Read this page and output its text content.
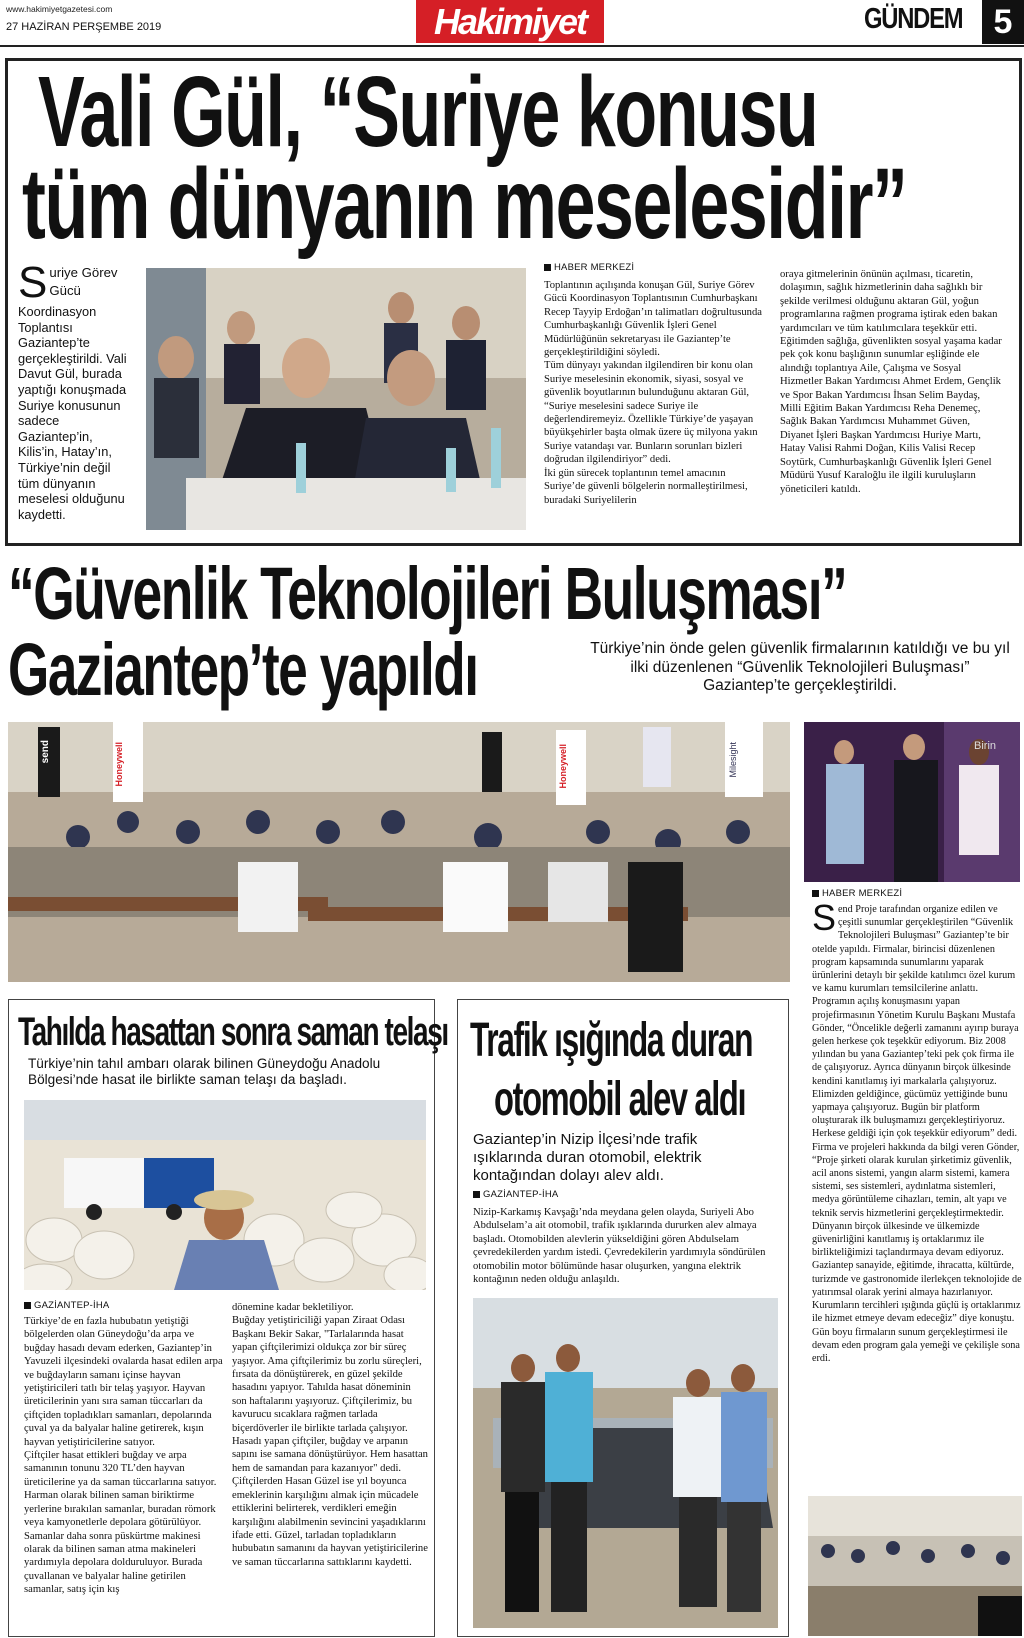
www.hakimiyetgazetesi.com
27 HAZİRAN PERŞEMBE 2019	Hakimiyet	GÜNDEM 5
Vali Gül, “Suriye konusu
tüm dünyanın meselesidir”
S uriye Görev Gücü
Koordinasyon Toplantısı Gaziantep’te gerçekleştirildi. Vali Davut Gül, burada yaptığı konuşmada Suriye konusunun sadece Gaziantep’in, Kilis’in, Hatay’ın, Türkiye’nin değil tüm dünyanın meselesi olduğunu kaydetti.
HABER MERKEZİ
Toplantının açılışında konuşan Gül, Suriye Görev Gücü Koordinasyon Toplantısının Cumhurbaşkanı Recep Tayyip Erdoğan’ın talimatları doğrultusunda Cumhurbaşkanlığı Güvenlik İşleri Genel Müdürlüğünün sekretaryası ile Gaziantep’te gerçekleştirildiğini söyledi.
Tüm dünyayı yakından ilgilendiren bir konu olan Suriye meselesinin ekonomik, siyasi, sosyal ve güvenlik boyutlarının bulunduğunu aktaran Gül, “Suriye meselesini sadece Suriye ile değerlendiremeyiz. Özellikle Türkiye’de yaşayan büyükşehirler başta olmak üzere üç milyona yakın Suriye vatandaşı var. Bunların sorunları bizleri doğrudan ilgilendiriyor” dedi.
İki gün sürecek toplantının temel amacının Suriye’de güvenli bölgelerin normalleştirilmesi, buradaki Suriyelilerin
oraya gitmelerinin önünün açılması, ticaretin, dolaşımın, sağlık hizmetlerinin daha sağlıklı bir şekilde verilmesi olduğunu aktaran Gül, yoğun programlarına rağmen programa iştirak eden bakan yardımcıları ve tüm katılımcılara teşekkür etti.
Eğitimden sağlığa, güvenlikten sosyal yaşama kadar pek çok konu başlığının sunumlar eşliğinde ele alındığı toplantıya Aile, Çalışma ve Sosyal Hizmetler Bakan Yardımcısı Ahmet Erdem, Gençlik ve Spor Bakan Yardımcısı İhsan Selim Baydaş, Milli Eğitim Bakan Yardımcısı Reha Denemeç, Sağlık Bakan Yardımcısı Muhammet Güven, Diyanet İşleri Başkan Yardımcısı Huriye Martı, Hatay Valisi Rahmi Doğan, Kilis Valisi Recep Soytürk, Cumhurbaşkanlığı Güvenlik İşleri Genel Müdürü Yusuf Karaloğlu ile ilgili kuruluşların yöneticileri katıldı.
“Güvenlik Teknolojileri Buluşması”
Gaziantep’te yapıldı	Türkiye’nin önde gelen güvenlik firmalarının katıldığı ve bu yıl ilki düzenlenen “Güvenlik Teknolojileri Buluşması” Gaziantep’te gerçekleştirildi.
Honeywell	Honeywell	Milesight
send	Birin
HABER MERKEZİ
S end Proje tarafından organize edilen ve çeşitli sunumlar gerçekleştirilen “Güvenlik Teknolojileri Buluşması” Gaziantep’te bir otelde yapıldı. Firmalar, birincisi düzenlenen program kapsamında sunumlarını yaparak ürünlerini detaylı bir şekilde katılımcı özel kurum ve kamu kurumları temsilcilerine anlattı. Programın açılış konuşmasını yapan projefirmasının Yönetim Kurulu Başkanı Mustafa Gönder, “Öncelikle değerli zamanını ayırıp buraya gelen herkese çok teşekkür ediyorum. Biz 2008 yılından bu yana Gaziantep’teki pek çok firma ile de çalışıyoruz. Ayrıca dünyanın birçok ülkesinde kendini kanıtlamış iyi markalarla çalışıyoruz. Elimizden geldiğince, gücümüz yettiğinde bunu yapmaya çalışıyoruz. Bugün bir platform oluşturarak ilk buluşmamızı gerçekleştiriyoruz. Herkese geldiği için çok teşekkür ediyorum” dedi.
Firma ve projeleri hakkında da bilgi veren Gönder, “Proje şirketi olarak kurulan şirketimiz güvenlik, acil anons sistemi, yangın alarm sistemi, kamera sistemi, ses sistemleri, aydınlatma sistemleri, medya görüntüleme cihazları, temin, alt yapı ve teknik servis hizmetlerini gerçekleştirmektedir. Dünyanın birçok ülkesinde ve ülkemizde güvenirliğini kanıtlamış iş ortaklarımız ile birlikteliğimizi taçlandırmaya devam ediyoruz. Gaziantep sanayide, eğitimde, ihracatta, kültürde, turizmde ve gastronomide ilerlekçen teknolojide de yatırımsal olarak yerini almaya hazırlanıyor. Kurumların tercihleri ışığında güçlü iş ortaklarımız ile hizmet etmeye devam edeceğiz” diye konuştu.
Gün boyu firmaların sunum gerçekleştirmesi ile devam eden program gala yemeği ve çekilişle sona erdi.
Tahılda hasattan sonra saman telaşı
Türkiye’nin tahıl ambarı olarak bilinen Güneydoğu Anadolu Bölgesi’nde hasat ile birlikte saman telaşı da başladı.
GAZİANTEP-İHA
Türkiye’de en fazla hububatın yetiştiği bölgelerden olan Güneydoğu’da arpa ve buğday hasadı devam ederken, Gaziantep’in Yavuzeli ilçesindeki ovalarda hasat edilen arpa ve buğdayların samanı içinse hayvan yetiştiricileri tatlı bir telaş yaşıyor. Hayvan üreticilerinin yanı sıra saman tüccarları da çiftçiden topladıkları samanları, depolarında çuval ya da balyalar haline getirerek, kışın hayvan yetiştiricilerine satıyor.
Çiftçiler hasat ettikleri buğday ve arpa samanının tonunu 320 TL’den hayvan üreticilerine ya da saman tüccarlarına satıyor. Harman olarak bilinen saman biriktirme yerlerine bırakılan samanlar, buradan römork veya kamyonetlerle depolara götürülüyor. Samanlar daha sonra püskürtme makinesi olarak da bilinen saman atma makineleri yardımıyla depolara dolduruluyor. Burada çuvallanan ve balyalar haline getirilen samanlar, satış için kış
dönemine kadar bekletiliyor.
Buğday yetiştiriciliği yapan Ziraat Odası Başkanı Bekir Sakar, "Tarlalarında hasat yapan çiftçilerimizi oldukça zor bir süreç yaşıyor. Ama çiftçilerimiz bu zorlu süreçleri, fırsata da dönüştürerek, en güzel şekilde hasadını yapıyor. Tahılda hasat döneminin son haftalarını yaşıyoruz. Çiftçilerimiz, bu kavurucu sıcaklara rağmen tarlada biçerdöverler ile birlikte tarlada çalışıyor. Hasadı yapan çiftçiler, buğday ve arpanın sapını ise samana dönüştürüyor. Hem hasattan hem de samandan para kazanıyor" dedi.
Çiftçilerden Hasan Güzel ise yıl boyunca emeklerinin karşılığını almak için mücadele ettiklerini belirterek, verdikleri emeğin karşılığını alabilmenin sevincini yaşadıklarını ifade etti. Güzel, tarladan topladıkların hububatın samanını da hayvan yetiştiricilerine ve saman tüccarlarına sattıklarını kaydetti.
Trafik ışığında duran
otomobil alev aldı
Gaziantep’in Nizip İlçesi’nde trafik ışıklarında duran otomobil, elektrik kontağından dolayı alev aldı.
GAZİANTEP-İHA
Nizip-Karkamış Kavşağı’nda meydana gelen olayda, Suriyeli Abo Abdulselam’a ait otomobil, trafik ışıklarında dururken alev almaya başladı. Otomobilden alevlerin yükseldiğini gören Abdulselam çevredekilerden yardım istedi. Çevredekilerin yardımıyla söndürülen otomobilin motor bölümünde hasar oluşurken, yangına elektrik kontağının neden olduğu anlaşıldı.
